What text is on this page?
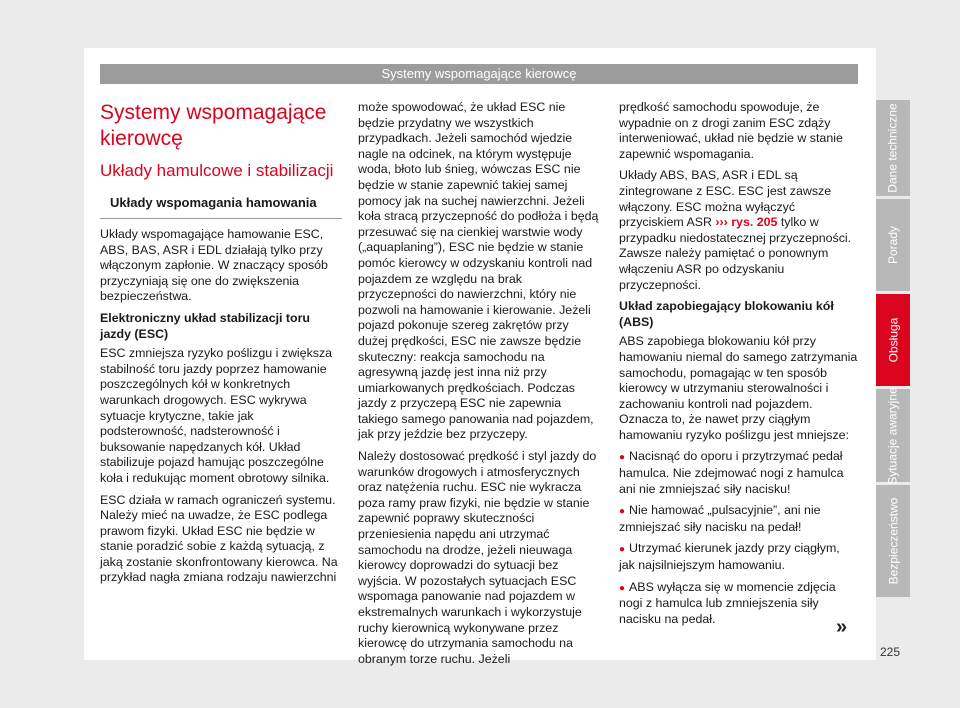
Systemy wspomagające kierowcę
Dane techniczne
Porady
Obsługa
Sytuacje awaryjne
Bezpieczeństwo
Systemy wspomagające kierowcę
Układy hamulcowe i stabilizacji
Układy wspomagania hamowania

Układy wspomagające hamowanie ESC, ABS, BAS, ASR i EDL działają tylko przy włączonym zapłonie. W znaczący sposób przyczyniają się one do zwiększenia bezpieczeństwa.

Elektroniczny układ stabilizacji toru jazdy (ESC)

ESC zmniejsza ryzyko poślizgu i zwiększa stabilność toru jazdy poprzez hamowanie poszczególnych kół w konkretnych warunkach drogowych. ESC wykrywa sytuacje krytyczne, takie jak podsterowność, nadsterowność i buksowanie napędzanych kół. Układ stabilizuje pojazd hamując poszczególne koła i redukując moment obrotowy silnika.

ESC działa w ramach ograniczeń systemu. Należy mieć na uwadze, że ESC podlega prawom fizyki. Układ ESC nie będzie w stanie poradzić sobie z każdą sytuacją, z jaką zostanie skonfrontowany kierowca. Na przykład nagła zmiana rodzaju nawierzchni

może spowodować, że układ ESC nie będzie przydatny we wszystkich przypadkach. Jeżeli samochód wjedzie nagle na odcinek, na którym występuje woda, błoto lub śnieg, wówczas ESC nie będzie w stanie zapewnić takiej samej pomocy jak na suchej nawierzchni. Jeżeli koła stracą przyczepność do podłoża i będą przesuwać się na cienkiej warstwie wody („aquaplaning”), ESC nie będzie w stanie pomóc kierowcy w odzyskaniu kontroli nad pojazdem ze względu na brak przyczepności do nawierzchni, który nie pozwoli na hamowanie i kierowanie. Jeżeli pojazd pokonuje szereg zakrętów przy dużej prędkości, ESC nie zawsze będzie skuteczny: reakcja samochodu na agresywną jazdę jest inna niż przy umiarkowanych prędkościach. Podczas jazdy z przyczepą ESC nie zapewnia takiego samego panowania nad pojazdem, jak przy jeździe bez przyczepy.

Należy dostosować prędkość i styl jazdy do warunków drogowych i atmosferycznych oraz natężenia ruchu. ESC nie wykracza poza ramy praw fizyki, nie będzie w stanie zapewnić poprawy skuteczności przeniesienia napędu ani utrzymać samochodu na drodze, jeżeli nieuwaga kierowcy doprowadzi do sytuacji bez wyjścia. W pozostałych sytuacjach ESC wspomaga panowanie nad pojazdem w ekstremalnych warunkach i wykorzystuje ruchy kierownicą wykonywane przez kierowcę do utrzymania samochodu na obranym torze ruchu. Jeżeli

prędkość samochodu spowoduje, że wypadnie on z drogi zanim ESC zdąży interweniować, układ nie będzie w stanie zapewnić wspomagania.

Układy ABS, BAS, ASR i EDL są zintegrowane z ESC. ESC jest zawsze włączony. ESC można wyłączyć przyciskiem ASR ››› rys. 205 tylko w przypadku niedostatecznej przyczepności. Zawsze należy pamiętać o ponownym włączeniu ASR po odzyskaniu przyczepności.

Układ zapobiegający blokowaniu kół (ABS)

ABS zapobiega blokowaniu kół przy hamowaniu niemal do samego zatrzymania samochodu, pomagając w ten sposób kierowcy w utrzymaniu sterowalności i zachowaniu kontroli nad pojazdem. Oznacza to, że nawet przy ciągłym hamowaniu ryzyko poślizgu jest mniejsze:

● Nacisnąć do oporu i przytrzymać pedał hamulca. Nie zdejmować nogi z hamulca ani nie zmniejszać siły nacisku!

● Nie hamować „pulsacyjnie”, ani nie zmniejszać siły nacisku na pedał!

● Utrzymać kierunek jazdy przy ciągłym, jak najsilniejszym hamowaniu.

● ABS wyłącza się w momencie zdjęcia nogi z hamulca lub zmniejszenia siły nacisku na pedał.	»
225
